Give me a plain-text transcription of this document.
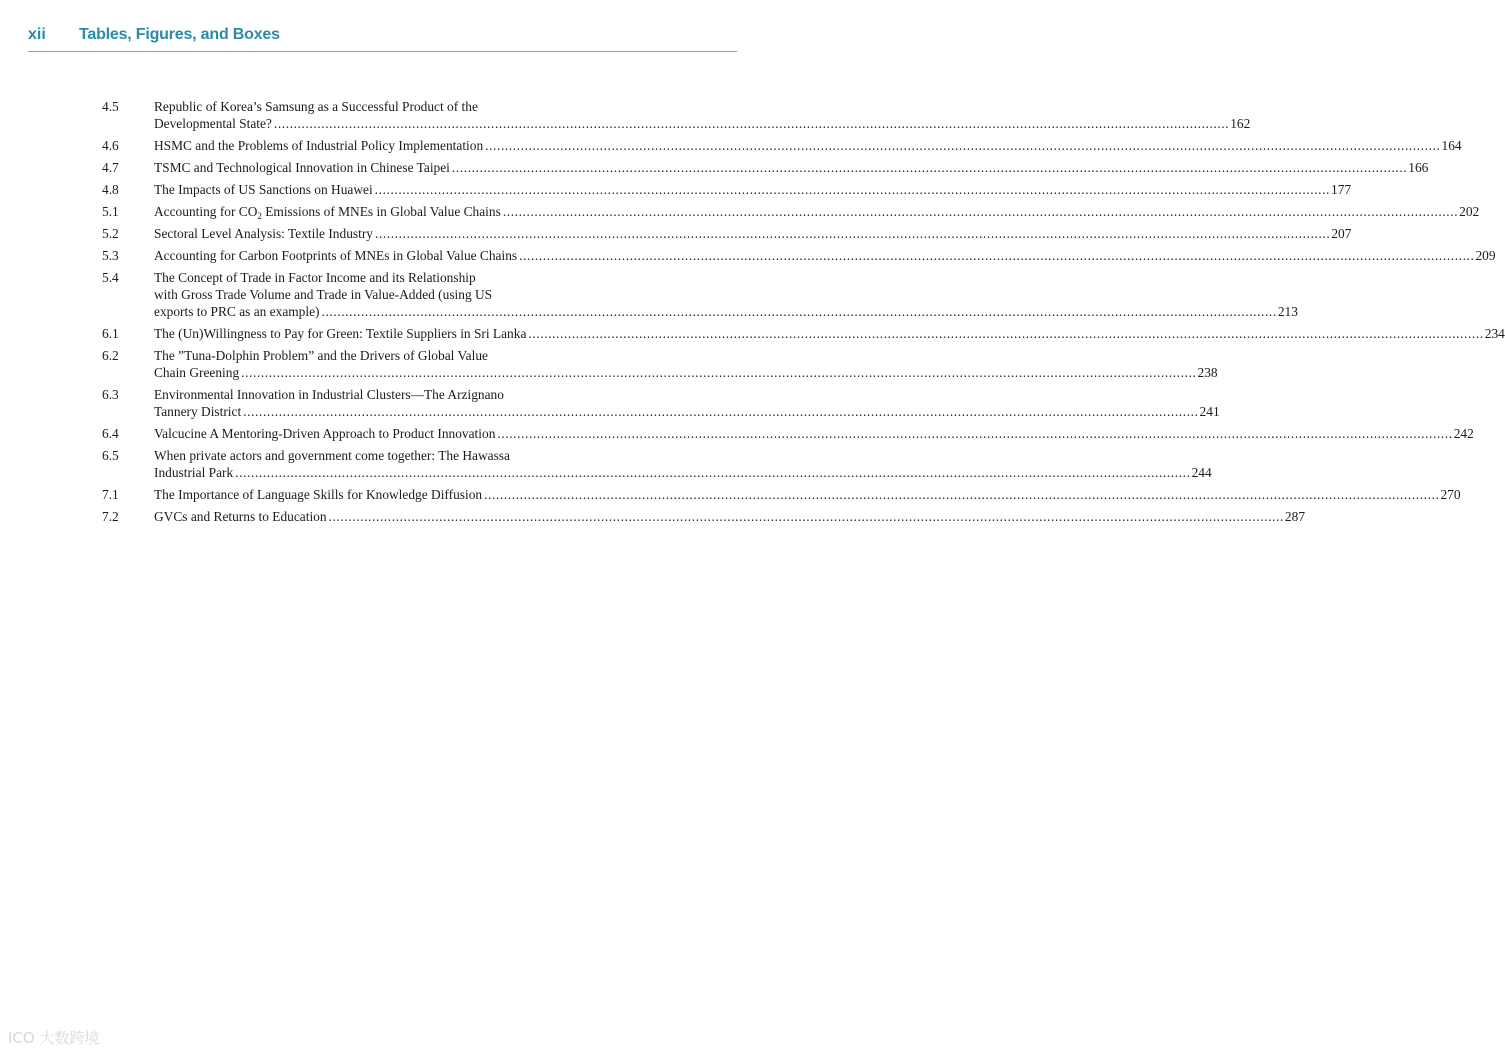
xii Tables, Figures, and Boxes
4.5	Republic of Korea’s Samsung as a Successful Product of the
Developmental State? .....	162
4.6	HSMC and the Problems of Industrial Policy Implementation .....	164
4.7	TSMC and Technological Innovation in Chinese Taipei .....	166
4.8	The Impacts of US Sanctions on Huawei .....	177
5.1	Accounting for $CO_2$ Emissions of MNEs in Global Value Chains .....	202
5.2	Sectoral Level Analysis: Textile Industry .....	207
5.3	Accounting for Carbon Footprints of MNEs in Global Value Chains .....	209
5.4	The Concept of Trade in Factor Income and its Relationship
with Gross Trade Volume and Trade in Value-Added (using US
exports to PRC as an example) .....	213
6.1	The (Un)Willingness to Pay for Green: Textile Suppliers in Sri Lanka .....	234
6.2	The ”Tuna-Dolphin Problem” and the Drivers of Global Value
Chain Greening .....	238
6.3	Environmental Innovation in Industrial Clusters—The Arzignano
Tannery District .....	241
6.4	Valcucine A Mentoring-Driven Approach to Product Innovation .....	242
6.5	When private actors and government come together: The Hawassa
Industrial Park .....	244
7.1	The Importance of Language Skills for Knowledge Diffusion .....	270
7.2	GVCs and Returns to Education .....	287
ICO 大数跨境
